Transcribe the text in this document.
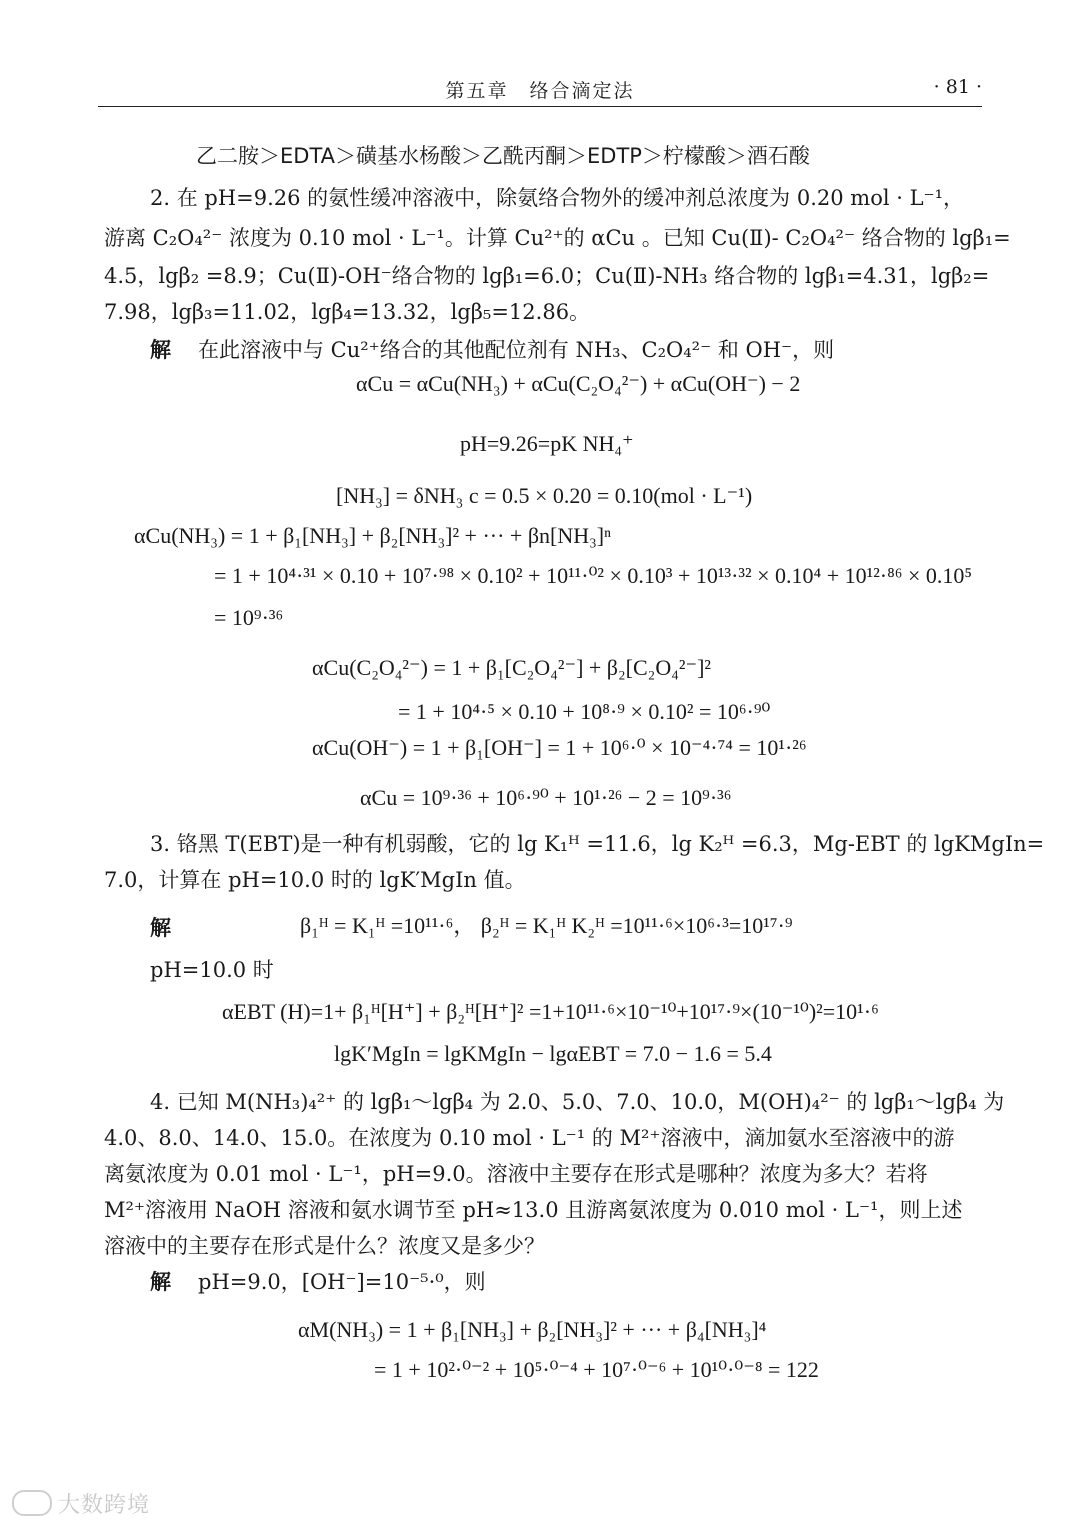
第五章　络合滴定法	· 81 ·
乙二胺＞EDTA＞磺基水杨酸＞乙酰丙酮＞EDTP＞柠檬酸＞酒石酸
2. 在 pH=9.26 的氨性缓冲溶液中，除氨络合物外的缓冲剂总浓度为 0.20 mol · L⁻¹，
游离 C₂O₄²⁻ 浓度为 0.10 mol · L⁻¹。计算 Cu²⁺的 αCu 。已知 Cu(Ⅱ)- C₂O₄²⁻ 络合物的 lgβ₁=
4.5，lgβ₂ =8.9；Cu(Ⅱ)-OH⁻络合物的 lgβ₁=6.0；Cu(Ⅱ)-NH₃ 络合物的 lgβ₁=4.31，lgβ₂=
7.98，lgβ₃=11.02，lgβ₄=13.32，lgβ₅=12.86。
解 在此溶液中与 Cu²⁺络合的其他配位剂有 NH₃、C₂O₄²⁻ 和 OH⁻，则
αCu = αCu(NH₃) + αCu(C₂O₄²⁻) + αCu(OH⁻) − 2
pH=9.26=pK NH₄⁺
[NH₃] = δNH₃ c = 0.5 × 0.20 = 0.10(mol · L⁻¹)
αCu(NH₃) = 1 + β₁[NH₃] + β₂[NH₃]² + ··· + βn[NH₃]ⁿ
= 1 + 10⁴·³¹ × 0.10 + 10⁷·⁹⁸ × 0.10² + 10¹¹·⁰² × 0.10³ + 10¹³·³² × 0.10⁴ + 10¹²·⁸⁶ × 0.10⁵
= 10⁹·³⁶
αCu(C₂O₄²⁻) = 1 + β₁[C₂O₄²⁻] + β₂[C₂O₄²⁻]²
= 1 + 10⁴·⁵ × 0.10 + 10⁸·⁹ × 0.10² = 10⁶·⁹⁰
αCu(OH⁻) = 1 + β₁[OH⁻] = 1 + 10⁶·⁰ × 10⁻⁴·⁷⁴ = 10¹·²⁶
αCu = 10⁹·³⁶ + 10⁶·⁹⁰ + 10¹·²⁶ − 2 = 10⁹·³⁶
3. 铬黑 T(EBT)是一种有机弱酸，它的 lg K₁ᴴ =11.6，lg K₂ᴴ =6.3，Mg-EBT 的 lgKMgIn=
7.0，计算在 pH=10.0 时的 lgK′MgIn 值。
解	β₁ᴴ = K₁ᴴ =10¹¹·⁶， β₂ᴴ = K₁ᴴ K₂ᴴ =10¹¹·⁶×10⁶·³=10¹⁷·⁹
pH=10.0 时
αEBT (H)=1+ β₁ᴴ[H⁺] + β₂ᴴ[H⁺]² =1+10¹¹·⁶×10⁻¹⁰+10¹⁷·⁹×(10⁻¹⁰)²=10¹·⁶
lgK′MgIn = lgKMgIn − lgαEBT = 7.0 − 1.6 = 5.4
4. 已知 M(NH₃)₄²⁺ 的 lgβ₁～lgβ₄ 为 2.0、5.0、7.0、10.0，M(OH)₄²⁻ 的 lgβ₁～lgβ₄ 为
4.0、8.0、14.0、15.0。在浓度为 0.10 mol · L⁻¹ 的 M²⁺溶液中，滴加氨水至溶液中的游
离氨浓度为 0.01 mol · L⁻¹，pH=9.0。溶液中主要存在形式是哪种？浓度为多大？若将
M²⁺溶液用 NaOH 溶液和氨水调节至 pH≈13.0 且游离氨浓度为 0.010 mol · L⁻¹，则上述
溶液中的主要存在形式是什么？浓度又是多少？
解 pH=9.0，[OH⁻]=10⁻⁵·⁰，则
αM(NH₃) = 1 + β₁[NH₃] + β₂[NH₃]² + ··· + β₄[NH₃]⁴
= 1 + 10²·⁰⁻² + 10⁵·⁰⁻⁴ + 10⁷·⁰⁻⁶ + 10¹⁰·⁰⁻⁸ = 122
大数跨境
